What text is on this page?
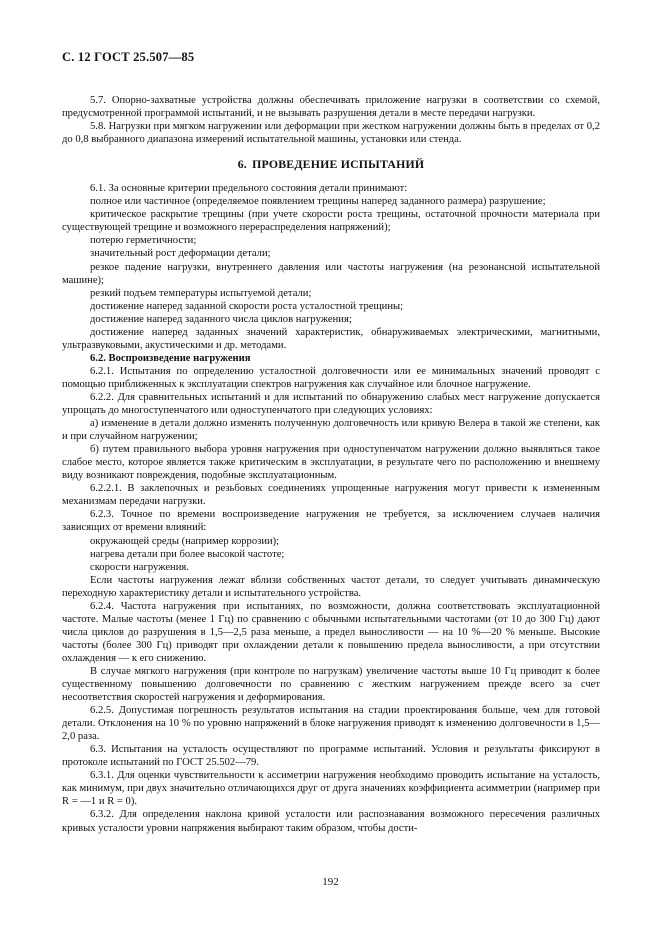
С. 12 ГОСТ 25.507—85

5.7. Опорно-захватные устройства должны обеспечивать приложение нагрузки в соответствии со схемой, предусмотренной программой испытаний, и не вызывать разрушения детали в месте передачи нагрузки.

5.8. Нагрузки при мягком нагружении или деформации при жестком нагружении должны быть в пределах от 0,2 до 0,8 выбранного диапазона измерений испытательной машины, установки или стенда.

6. ПРОВЕДЕНИЕ ИСПЫТАНИЙ

6.1. За основные критерии предельного состояния детали принимают:

полное или частичное (определяемое появлением трещины наперед заданного размера) разрушение;

критическое раскрытие трещины (при учете скорости роста трещины, остаточной прочности материала при существующей трещине и возможного перераспределения напряжений);

потерю герметичности;

значительный рост деформации детали;

резкое падение нагрузки, внутреннего давления или частоты нагружения (на резонансной испытательной машине);

резкий подъем температуры испытуемой детали;

достижение наперед заданной скорости роста усталостной трещины;

достижение наперед заданного числа циклов нагружения;

достижение наперед заданных значений характеристик, обнаруживаемых электрическими, магнитными, ультразвуковыми, акустическими и др. методами.

6.2. Воспроизведение нагружения

6.2.1. Испытания по определению усталостной долговечности или ее минимальных значений проводят с помощью приближенных к эксплуатации спектров нагружения как случайное или блочное нагружение.

6.2.2. Для сравнительных испытаний и для испытаний по обнаружению слабых мест нагружение допускается упрощать до многоступенчатого или одноступенчатого при следующих условиях:

а) изменение в детали должно изменять полученную долговечность или кривую Велера в такой же степени, как и при случайном нагружении;

б) путем правильного выбора уровня нагружения при одноступенчатом нагружении должно выявляться такое слабое место, которое является также критическим в эксплуатации, в результате чего по расположению и внешнему виду возникают повреждения, подобные эксплуатационным.

6.2.2.1. В заклепочных и резьбовых соединениях упрощенные нагружения могут привести к измененным механизмам передачи нагрузки.

6.2.3. Точное по времени воспроизведение нагружения не требуется, за исключением случаев наличия зависящих от времени влияний:

окружающей среды (например коррозии);

нагрева детали при более высокой частоте;

скорости нагружения.

Если частоты нагружения лежат вблизи собственных частот детали, то следует учитывать динамическую переходную характеристику детали и испытательного устройства.

6.2.4. Частота нагружения при испытаниях, по возможности, должна соответствовать эксплуатационной частоте. Малые частоты (менее 1 Гц) по сравнению с обычными испытательными частотами (от 10 до 300 Гц) дают числа циклов до разрушения в 1,5—2,5 раза меньше, а предел выносливости — на 10 %—20 % меньше. Высокие частоты (более 300 Гц) приводят при охлаждении детали к повышению предела выносливости, а при отсутствии охлаждения — к его снижению.

В случае мягкого нагружения (при контроле по нагрузкам) увеличение частоты выше 10 Гц приводит к более существенному повышению долговечности по сравнению с жестким нагружением прежде всего за счет несоответствия скоростей нагружения и деформирования.

6.2.5. Допустимая погрешность результатов испытания на стадии проектирования больше, чем для готовой детали. Отклонения на 10 % по уровню напряжений в блоке нагружения приводят к изменению долговечности в 1,5—2,0 раза.

6.3. Испытания на усталость осуществляют по программе испытаний. Условия и результаты фиксируют в протоколе испытаний по ГОСТ 25.502—79.

6.3.1. Для оценки чувствительности к ассиметрии нагружения необходимо проводить испытание на усталость, как минимум, при двух значительно отличающихся друг от друга значениях коэффициента асимметрии (например при R = —1 и R = 0).

6.3.2. Для определения наклона кривой усталости или распознавания возможного пересечения различных кривых усталости уровни напряжения выбирают таким образом, чтобы дости-

192
